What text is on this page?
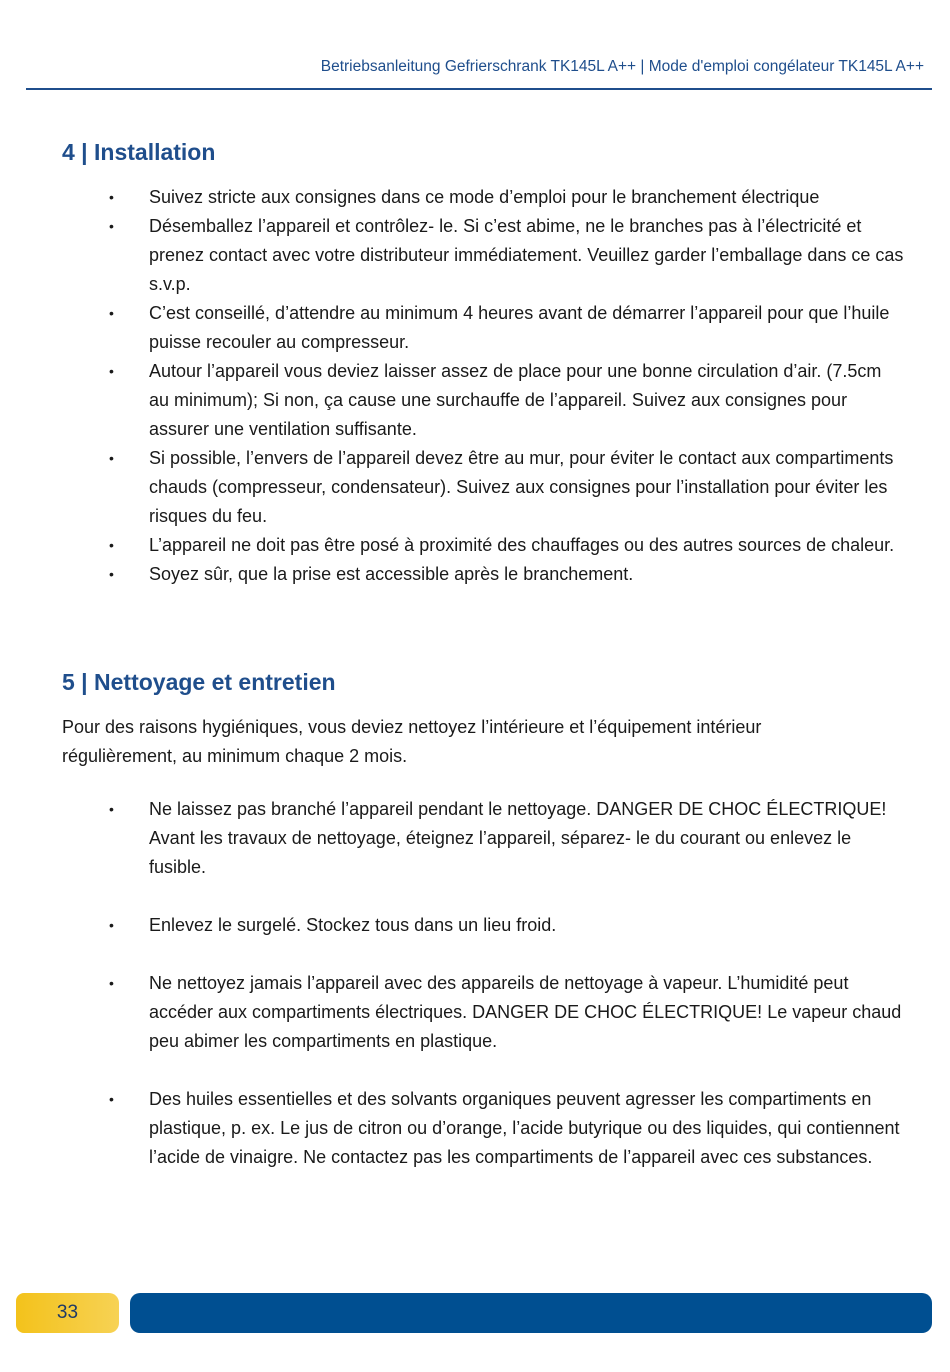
Betriebsanleitung Gefrierschrank TK145L A++ | Mode d'emploi congélateur TK145L A++
4 | Installation
• Suivez stricte aux consignes dans ce mode d’emploi pour le branchement électrique
• Désemballez l’appareil et contrôlez- le. Si c’est abime, ne le branches pas à l’électricité et prenez contact avec votre distributeur immédiatement. Veuillez garder l’emballage dans ce cas s.v.p.
• C’est conseillé, d’attendre au minimum 4 heures avant de démarrer l’appareil pour que l’huile puisse recouler au compresseur.
• Autour l’appareil vous deviez laisser assez de place pour une bonne circulation d’air. (7.5cm au minimum); Si non, ça cause une surchauffe de l’appareil. Suivez aux consignes pour assurer une ventilation suffisante.
• Si possible, l’envers de l’appareil devez être au mur, pour éviter le contact aux compartiments chauds (compresseur, condensateur). Suivez aux consignes pour l’installation pour éviter les risques du feu.
• L’appareil ne doit pas être posé à proximité des chauffages ou des autres sources de chaleur.
• Soyez sûr, que la prise est accessible après le branchement.
5 | Nettoyage et entretien

Pour des raisons hygiéniques, vous deviez nettoyez l’intérieure et l’équipement intérieur régulièrement, au minimum chaque 2 mois.

• Ne laissez pas branché l’appareil pendant le nettoyage. DANGER DE CHOC ÉLECTRIQUE! Avant les travaux de nettoyage, éteignez l’appareil, séparez- le du courant ou enlevez le fusible.
• Enlevez le surgelé. Stockez tous dans un lieu froid.
• Ne nettoyez jamais l’appareil avec des appareils de nettoyage à vapeur. L’humidité peut accéder aux compartiments électriques. DANGER DE CHOC ÉLECTRIQUE! Le vapeur chaud peu abimer les compartiments en plastique.
• Des huiles essentielles et des solvants organiques peuvent agresser les compartiments en plastique, p. ex. Le jus de citron ou d’orange, l’acide butyrique ou des liquides, qui contiennent l’acide de vinaigre. Ne contactez pas les compartiments de l’appareil avec ces substances.
33
